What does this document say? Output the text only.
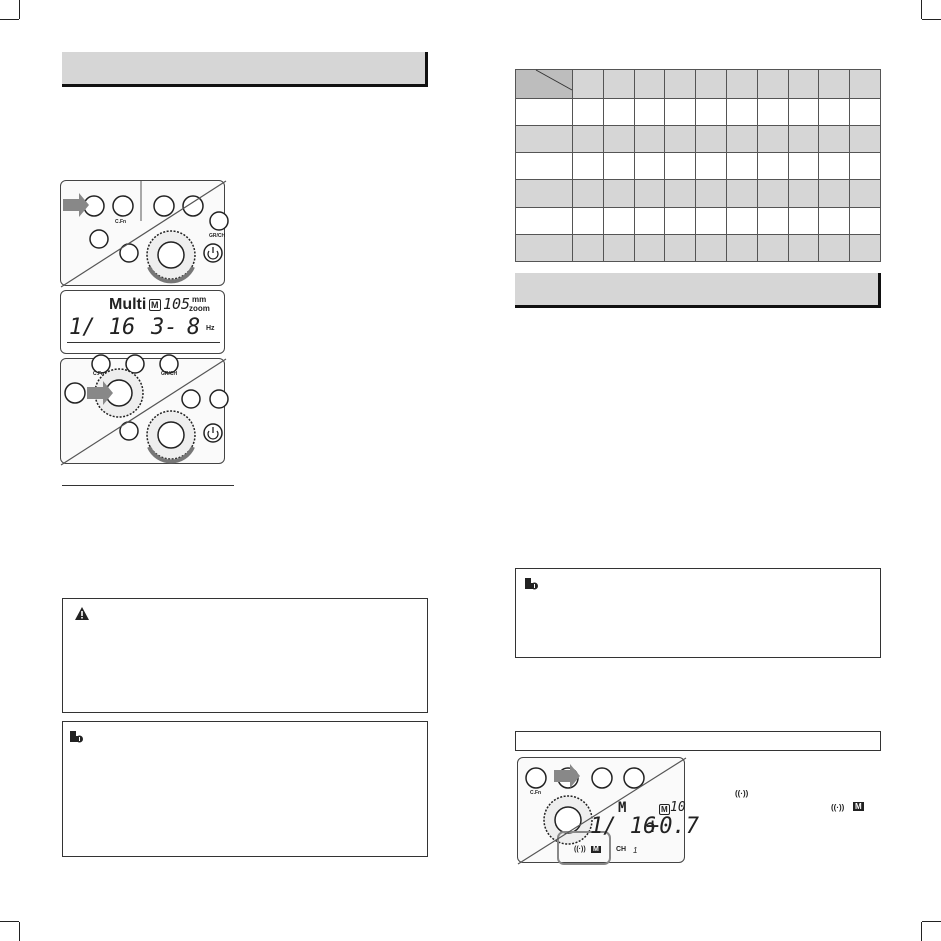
C.Fn
GR/CH
Multi M 105 mm
zoom
1/ 16 3- 8 Hz
C.Fn	GR/CH

C.Fn
M	M 10
1/ 16
+0.7
((·)) M CH 1
((·))
((·)) M
